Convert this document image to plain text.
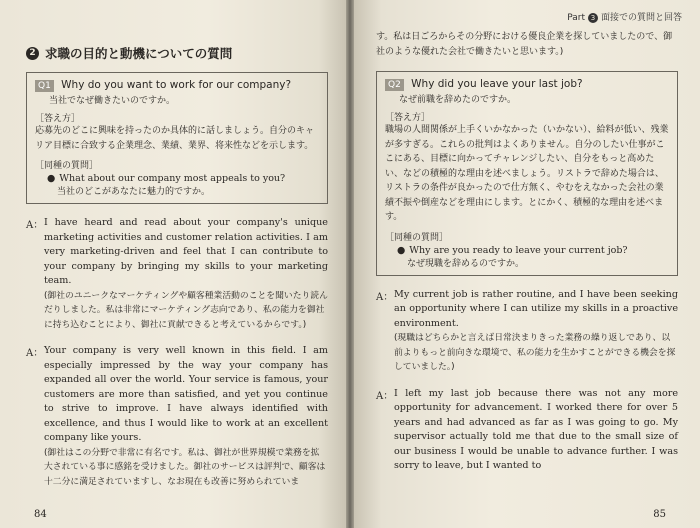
2 求職の目的と動機についての質問
Q1 Why do you want to work for our company?
当社でなぜ働きたいのですか。
［答え方］
応募先のどこに興味を持ったのか具体的に話しましょう。自分のキャリア目標に合致する企業理念、業績、業界、将来性などを示します。
［同種の質問］
● What about our company most appeals to you?
当社のどこがあなたに魅力的ですか。
A： I have heard and read about your company's unique marketing activities and customer relation activities. I am very marketing-driven and feel that I can contribute to your company by bringing my skills to your marketing team.
(御社のユニークなマーケティングや顧客種業活動のことを聞いたり読んだりしました。私は非常にマーケティング志向であり、私の能力を御社に持ち込むことにより、御社に貢献できると考えているからです。)
A： Your company is very well known in this field. I am especially impressed by the way your company has expanded all over the world. Your service is famous, your customers are more than satisfied, and yet you continue to strive to improve. I have always identified with excellence, and thus I would like to work at an excellent company like yours.
(御社はこの分野で非常に有名です。私は、御社が世界規模で業務を拡大されている事に感銘を受けました。御社のサービスは評判で、顧客は十二分に満足されていますし、なお現在も改善に努められていま
84
Part 3 面接での質問と回答
す。私は日ごろからその分野における優良企業を探していましたので、御社のような優れた会社で働きたいと思います。)
Q2 Why did you leave your last job?
なぜ前職を辞めたのですか。
［答え方］
職場の人間関係が上手くいかなかった（いかない）、給料が低い、残業が多すぎる。これらの批判はよくありません。自分のしたい仕事がここにある、目標に向かってチャレンジしたい、自分をもっと高めたい、などの積極的な理由を述べましょう。リストラで辞めた場合は、リストラの条件が良かったので仕方無く、やむをえなかった会社の業績不振や倒産などを理由にします。とにかく、積極的な理由を述べます。
［同種の質問］
● Why are you ready to leave your current job?
なぜ現職を辞めるのですか。
A： My current job is rather routine, and I have been seeking an opportunity where I can utilize my skills in a proactive environment.
(現職はどちらかと言えば日常決まりきった業務の繰り返しであり、以前よりもっと前向きな環境で、私の能力を生かすことができる機会を探していました。)
A： I left my last job because there was not any more opportunity for advancement. I worked there for over 5 years and had advanced as far as I was going to go. My supervisor actually told me that due to the small size of our business I would be unable to advance further. I was sorry to leave, but I wanted to
85
